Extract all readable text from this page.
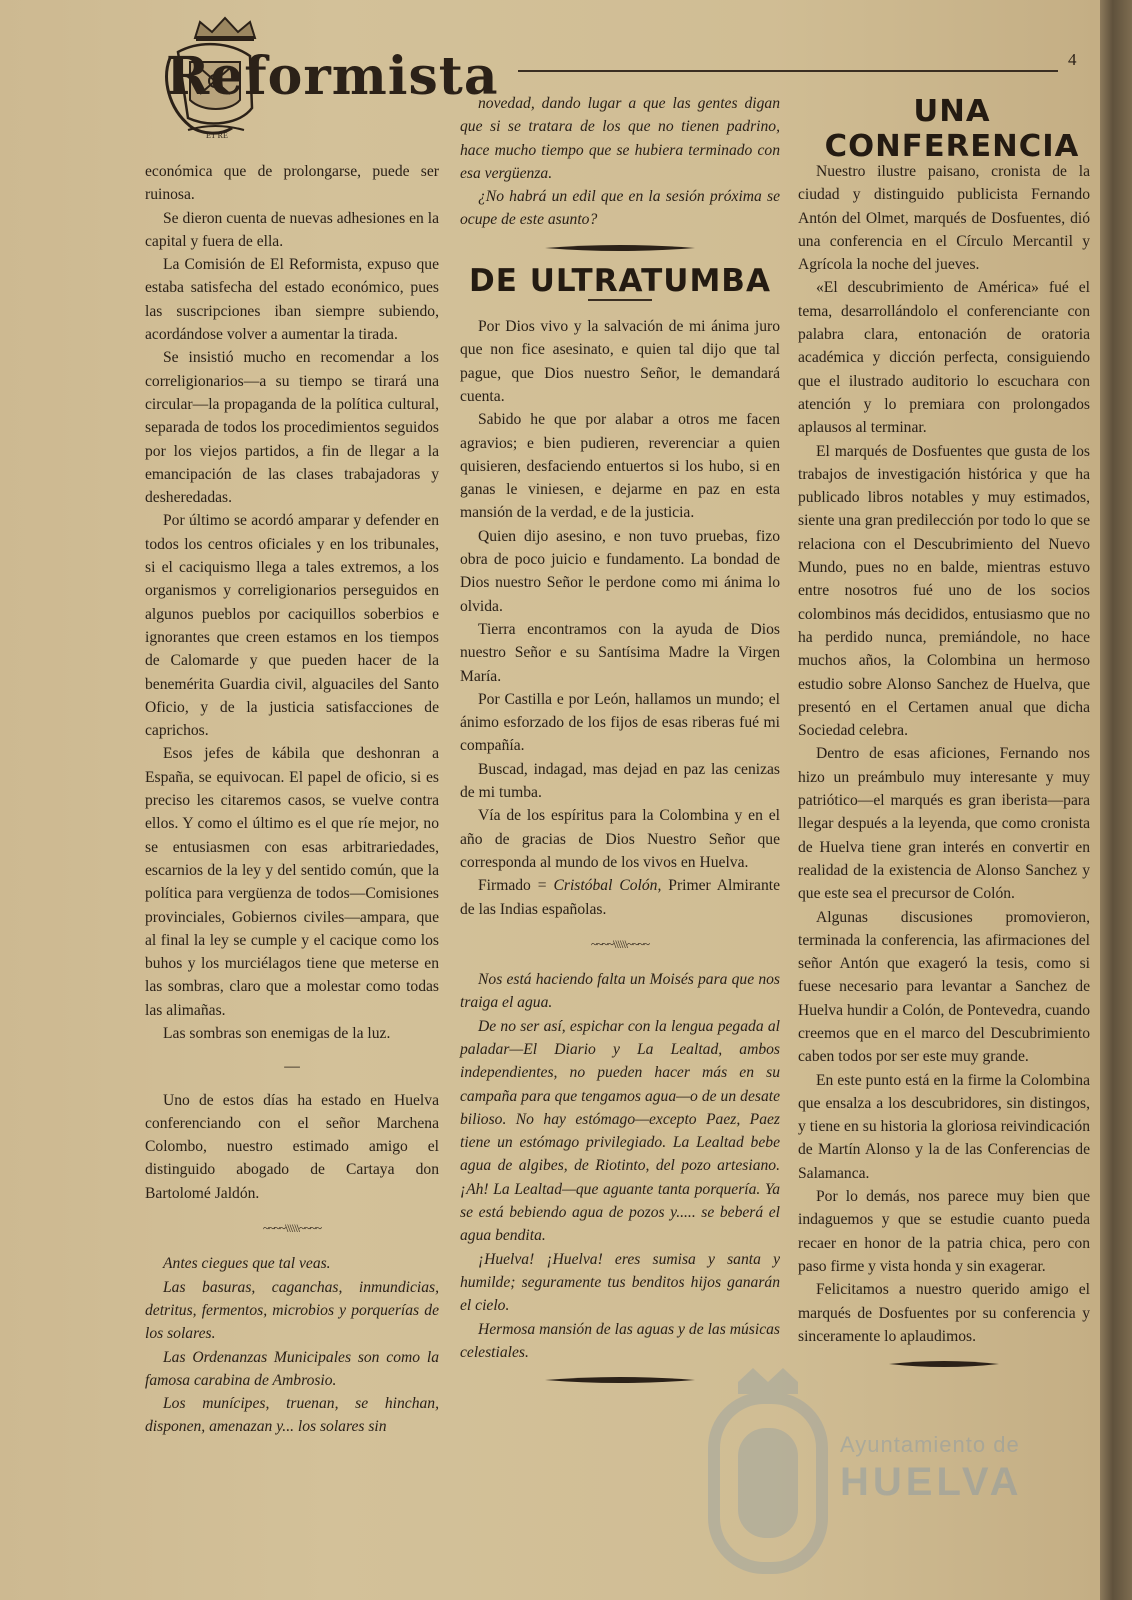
ET RE
Reformista	4

económica que de prolongarse, puede ser ruinosa.

Se dieron cuenta de nuevas adhesiones en la capital y fuera de ella.

La Comisión de El Reformista, expuso que estaba satisfecha del estado económico, pues las suscripciones iban siempre subiendo, acordándose volver a aumentar la tirada.

Se insistió mucho en recomendar a los correligionarios—a su tiempo se tirará una circular—la propaganda de la política cultural, separada de todos los procedimientos seguidos por los viejos partidos, a fin de llegar a la emancipación de las clases trabajadoras y desheredadas.

Por último se acordó amparar y defender en todos los centros oficiales y en los tribunales, si el caciquismo llega a tales extremos, a los organismos y correligionarios perseguidos en algunos pueblos por caciquillos soberbios e ignorantes que creen estamos en los tiempos de Calomarde y que pueden hacer de la benemérita Guardia civil, alguaciles del Santo Oficio, y de la justicia satisfacciones de caprichos.

Esos jefes de kábila que deshonran a España, se equivocan. El papel de oficio, si es preciso les citaremos casos, se vuelve contra ellos. Y como el último es el que ríe mejor, no se entusiasmen con esas arbitrariedades, escarnios de la ley y del sentido común, que la política para vergüenza de todos—Comisiones provinciales, Gobiernos civiles—ampara, que al final la ley se cumple y el cacique como los buhos y los murciélagos tiene que meterse en las sombras, claro que a molestar como todas las alimañas.

Las sombras son enemigas de la luz.

—

Uno de estos días ha estado en Huelva conferenciando con el señor Marchena Colombo, nuestro estimado amigo el distinguido abogado de Cartaya don Bartolomé Jaldón.

~~~~\\\\\\~~~~

Antes ciegues que tal veas.

Las basuras, caganchas, inmundicias, detritus, fermentos, microbios y porquerías de los solares.

Las Ordenanzas Municipales son como la famosa carabina de Ambrosio.

Los munícipes, truenan, se hinchan, disponen, amenazan y... los solares sin

novedad, dando lugar a que las gentes digan que si se tratara de los que no tienen padrino, hace mucho tiempo que se hubiera terminado con esa vergüenza.

¿No habrá un edil que en la sesión próxima se ocupe de este asunto?

DE ULTRATUMBA

Por Dios vivo y la salvación de mi ánima juro que non fice asesinato, e quien tal dijo que tal pague, que Dios nuestro Señor, le demandará cuenta.

Sabido he que por alabar a otros me facen agravios; e bien pudieren, reverenciar a quien quisieren, desfaciendo entuertos si los hubo, si en ganas le viniesen, e dejarme en paz en esta mansión de la verdad, e de la justicia.

Quien dijo asesino, e non tuvo pruebas, fizo obra de poco juicio e fundamento. La bondad de Dios nuestro Señor le perdone como mi ánima lo olvida.

Tierra encontramos con la ayuda de Dios nuestro Señor e su Santísima Madre la Virgen María.

Por Castilla e por León, hallamos un mundo; el ánimo esforzado de los fijos de esas riberas fué mi compañía.

Buscad, indagad, mas dejad en paz las cenizas de mi tumba.

Vía de los espíritus para la Colombina y en el año de gracias de Dios Nuestro Señor que corresponda al mundo de los vivos en Huelva.

Firmado = Cristóbal Colón, Primer Almirante de las Indias españolas.

~~~~\\\\\\~~~~

Nos está haciendo falta un Moisés para que nos traiga el agua.

De no ser así, espichar con la lengua pegada al paladar—El Diario y La Lealtad, ambos independientes, no pueden hacer más en su campaña para que tengamos agua—o de un desate bilioso. No hay estómago—excepto Paez, Paez tiene un estómago privilegiado. La Lealtad bebe agua de algibes, de Riotinto, del pozo artesiano. ¡Ah! La Lealtad—que aguante tanta porquería. Ya se está bebiendo agua de pozos y..... se beberá el agua bendita.

¡Huelva! ¡Huelva! eres sumisa y santa y humilde; seguramente tus benditos hijos ganarán el cielo.

Hermosa mansión de las aguas y de las músicas celestiales.

UNA CONFERENCIA

Nuestro ilustre paisano, cronista de la ciudad y distinguido publicista Fernando Antón del Olmet, marqués de Dosfuentes, dió una conferencia en el Círculo Mercantil y Agrícola la noche del jueves.

«El descubrimiento de América» fué el tema, desarrollándolo el conferenciante con palabra clara, entonación de oratoria académica y dicción perfecta, consiguiendo que el ilustrado auditorio lo escuchara con atención y lo premiara con prolongados aplausos al terminar.

El marqués de Dosfuentes que gusta de los trabajos de investigación histórica y que ha publicado libros notables y muy estimados, siente una gran predilección por todo lo que se relaciona con el Descubrimiento del Nuevo Mundo, pues no en balde, mientras estuvo entre nosotros fué uno de los socios colombinos más decididos, entusiasmo que no ha perdido nunca, premiándole, no hace muchos años, la Colombina un hermoso estudio sobre Alonso Sanchez de Huelva, que presentó en el Certamen anual que dicha Sociedad celebra.

Dentro de esas aficiones, Fernando nos hizo un preámbulo muy interesante y muy patriótico—el marqués es gran iberista—para llegar después a la leyenda, que como cronista de Huelva tiene gran interés en convertir en realidad de la existencia de Alonso Sanchez y que este sea el precursor de Colón.

Algunas discusiones promovieron, terminada la conferencia, las afirmaciones del señor Antón que exageró la tesis, como si fuese necesario para levantar a Sanchez de Huelva hundir a Colón, de Pontevedra, cuando creemos que en el marco del Descubrimiento caben todos por ser este muy grande.

En este punto está en la firme la Colombina que ensalza a los descubridores, sin distingos, y tiene en su historia la gloriosa reivindicación de Martín Alonso y la de las Conferencias de Salamanca.

Por lo demás, nos parece muy bien que indaguemos y que se estudie cuanto pueda recaer en honor de la patria chica, pero con paso firme y vista honda y sin exagerar.

Felicitamos a nuestro querido amigo el marqués de Dosfuentes por su conferencia y sinceramente lo aplaudimos.

Ayuntamiento de
HUELVA
